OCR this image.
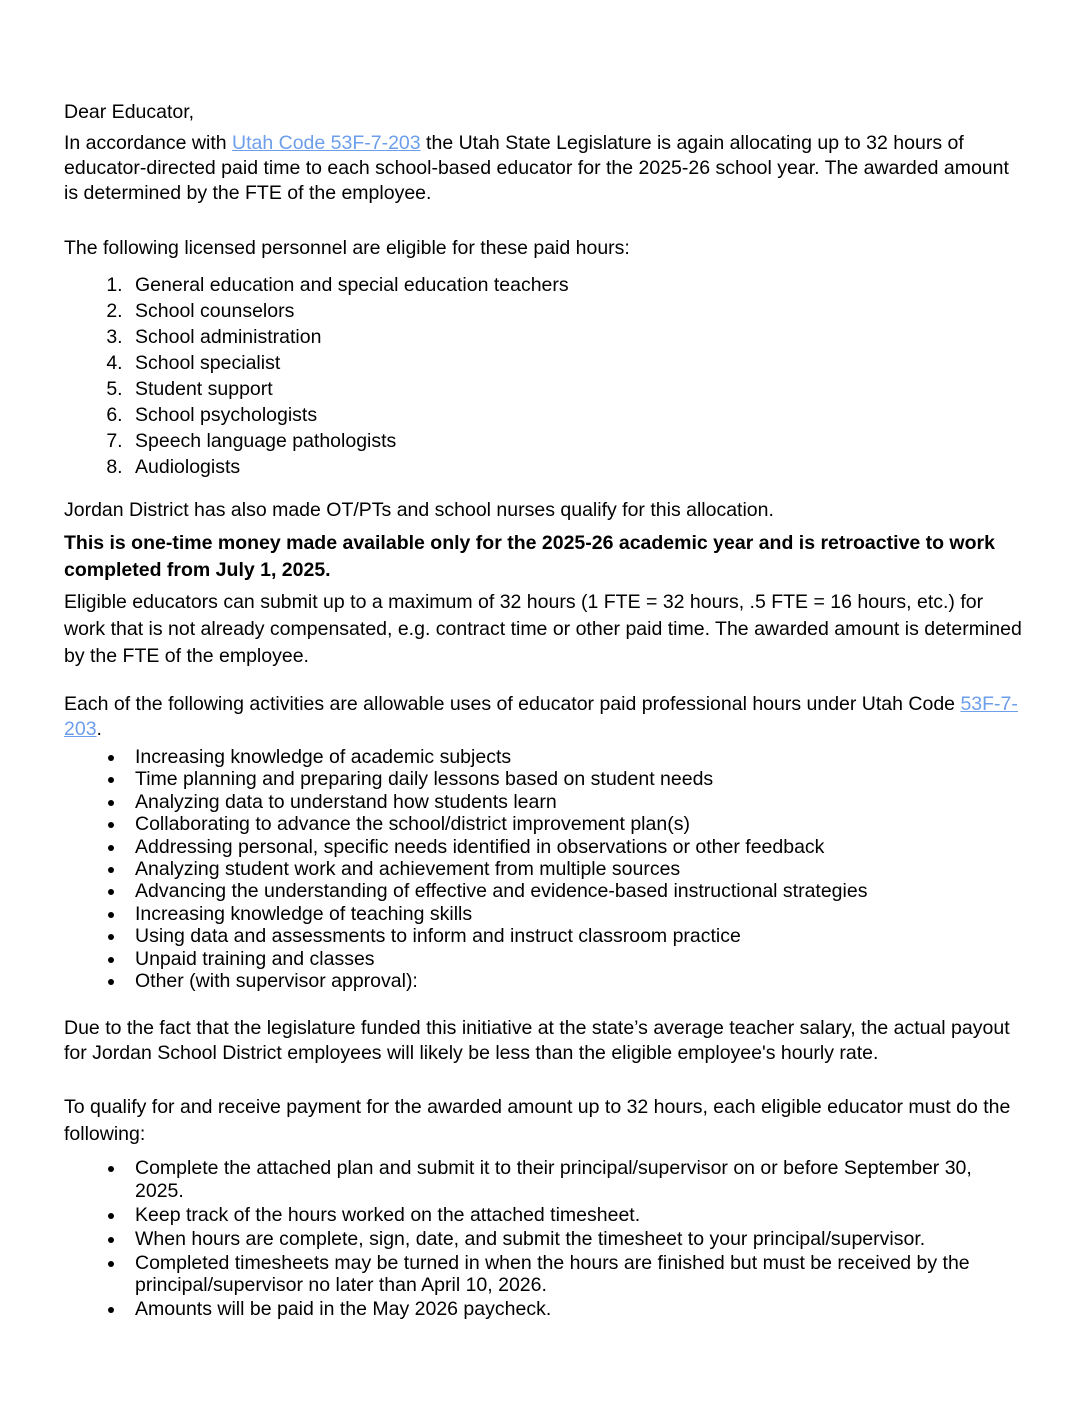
Dear Educator,

In accordance with Utah Code 53F-7-203 the Utah State Legislature is again allocating up to 32 hours of educator-directed paid time to each school-based educator for the 2025-26 school year. The awarded amount is determined by the FTE of the employee.

The following licensed personnel are eligible for these paid hours:

1. General education and special education teachers
2. School counselors
3. School administration
4. School specialist
5. Student support
6. School psychologists
7. Speech language pathologists
8. Audiologists

Jordan District has also made OT/PTs and school nurses qualify for this allocation.

This is one-time money made available only for the 2025-26 academic year and is retroactive to work completed from July 1, 2025.

Eligible educators can submit up to a maximum of 32 hours (1 FTE = 32 hours, .5 FTE = 16 hours, etc.) for work that is not already compensated, e.g. contract time or other paid time. The awarded amount is determined by the FTE of the employee.

Each of the following activities are allowable uses of educator paid professional hours under Utah Code 53F-7-203.

• Increasing knowledge of academic subjects
• Time planning and preparing daily lessons based on student needs
• Analyzing data to understand how students learn
• Collaborating to advance the school/district improvement plan(s)
• Addressing personal, specific needs identified in observations or other feedback
• Analyzing student work and achievement from multiple sources
• Advancing the understanding of effective and evidence-based instructional strategies
• Increasing knowledge of teaching skills
• Using data and assessments to inform and instruct classroom practice
• Unpaid training and classes
• Other (with supervisor approval):

Due to the fact that the legislature funded this initiative at the state’s average teacher salary, the actual payout for Jordan School District employees will likely be less than the eligible employee's hourly rate.

To qualify for and receive payment for the awarded amount up to 32 hours, each eligible educator must do the following:

• Complete the attached plan and submit it to their principal/supervisor on or before September 30, 2025.
• Keep track of the hours worked on the attached timesheet.
• When hours are complete, sign, date, and submit the timesheet to your principal/supervisor.
• Completed timesheets may be turned in when the hours are finished but must be received by the principal/supervisor no later than April 10, 2026.
• Amounts will be paid in the May 2026 paycheck.
